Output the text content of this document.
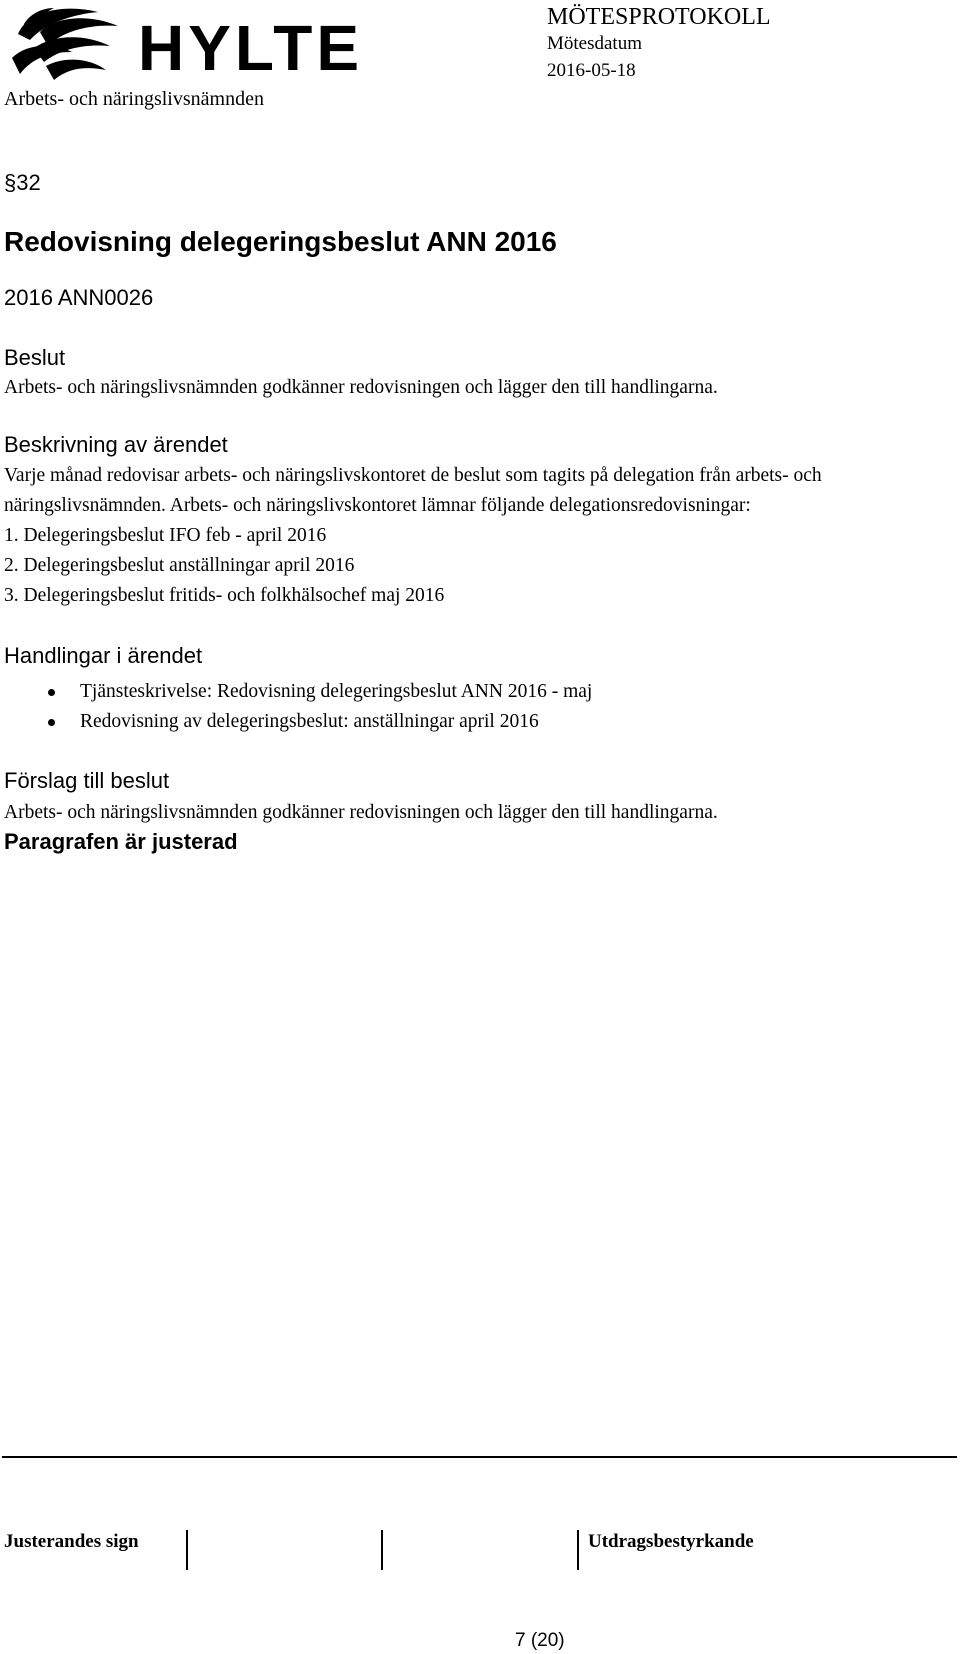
HYLTE
Arbets- och näringslivsnämnden
MÖTESPROTOKOLL
Mötesdatum
2016-05-18
§32
Redovisning delegeringsbeslut ANN 2016
2016 ANN0026
Beslut
Arbets- och näringslivsnämnden godkänner redovisningen och lägger den till handlingarna.
Beskrivning av ärendet
Varje månad redovisar arbets- och näringslivskontoret de beslut som tagits på delegation från arbets- och näringslivsnämnden. Arbets- och näringslivskontoret lämnar följande delegationsredovisningar:
1. Delegeringsbeslut IFO feb - april 2016
2. Delegeringsbeslut anställningar april 2016
3. Delegeringsbeslut fritids- och folkhälsochef maj 2016
Handlingar i ärendet
Tjänsteskrivelse: Redovisning delegeringsbeslut ANN 2016 - maj
Redovisning av delegeringsbeslut: anställningar april 2016
Förslag till beslut
Arbets- och näringslivsnämnden godkänner redovisningen och lägger den till handlingarna.
Paragrafen är justerad
Justerandes sign	Utdragsbestyrkande
7 (20)
